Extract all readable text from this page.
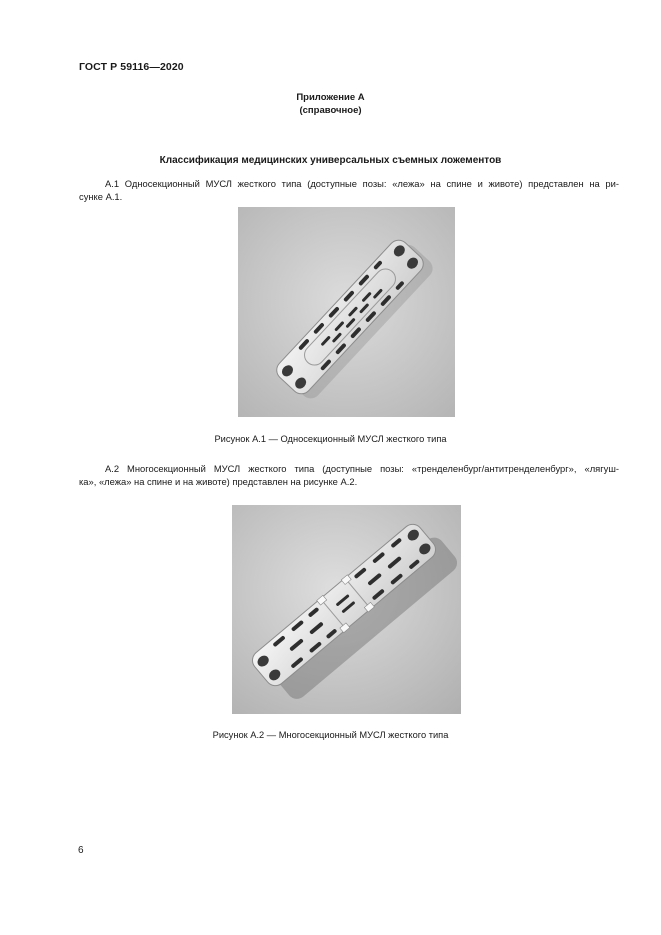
ГОСТ Р 59116—2020
Приложение А
(справочное)
Классификация медицинских универсальных съемных ложементов
А.1 Односекционный МУСЛ жесткого типа (доступные позы: «лежа» на спине и животе) представлен на ри-
сунке А.1.
Рисунок А.1 — Односекционный МУСЛ жесткого типа
А.2 Многосекционный МУСЛ жесткого типа (доступные позы: «тренделенбург/антитренделенбург», «лягуш-
ка», «лежа» на спине и на животе) представлен на рисунке А.2.
Рисунок А.2 — Многосекционный МУСЛ жесткого типа
6
